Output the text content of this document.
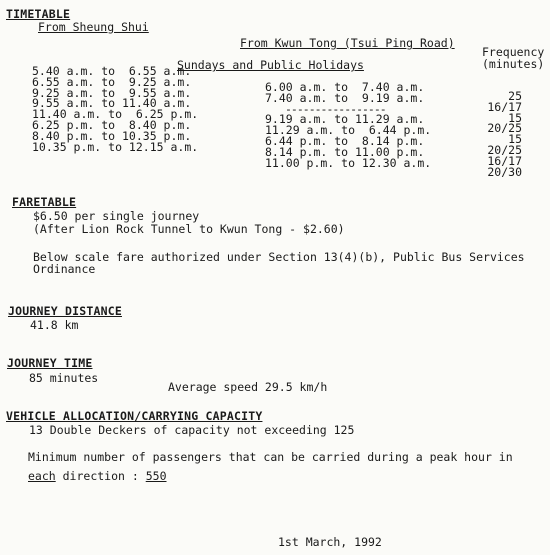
TIMETABLE
From Sheung Shui
From Kwun Tong (Tsui Ping Road)
Frequency
(minutes)
Sundays and Public Holidays
5.40 a.m. to  6.55 a.m.
6.55 a.m. to  9.25 a.m.
9.25 a.m. to  9.55 a.m.
9.55 a.m. to 11.40 a.m.
11.40 a.m. to  6.25 p.m.
6.25 p.m. to  8.40 p.m.
8.40 p.m. to 10.35 p.m.
10.35 p.m. to 12.15 a.m.
6.00 a.m. to  7.40 a.m.
7.40 a.m. to  9.19 a.m.
-----------------
9.19 a.m. to 11.29 a.m.
11.29 a.m. to  6.44 p.m.
6.44 p.m. to  8.14 p.m.
8.14 p.m. to 11.00 p.m.
11.00 p.m. to 12.30 a.m.
25
16/17
15
20/25
15
20/25
16/17
20/30
FARETABLE
$6.50 per single journey
(After Lion Rock Tunnel to Kwun Tong - $2.60)
Below scale fare authorized under Section 13(4)(b), Public Bus Services
Ordinance
JOURNEY DISTANCE
41.8 km
JOURNEY TIME
85 minutes
Average speed 29.5 km/h
VEHICLE ALLOCATION/CARRYING CAPACITY
13 Double Deckers of capacity not exceeding 125
Minimum number of passengers that can be carried during a peak hour in
each direction : 550
1st March, 1992
